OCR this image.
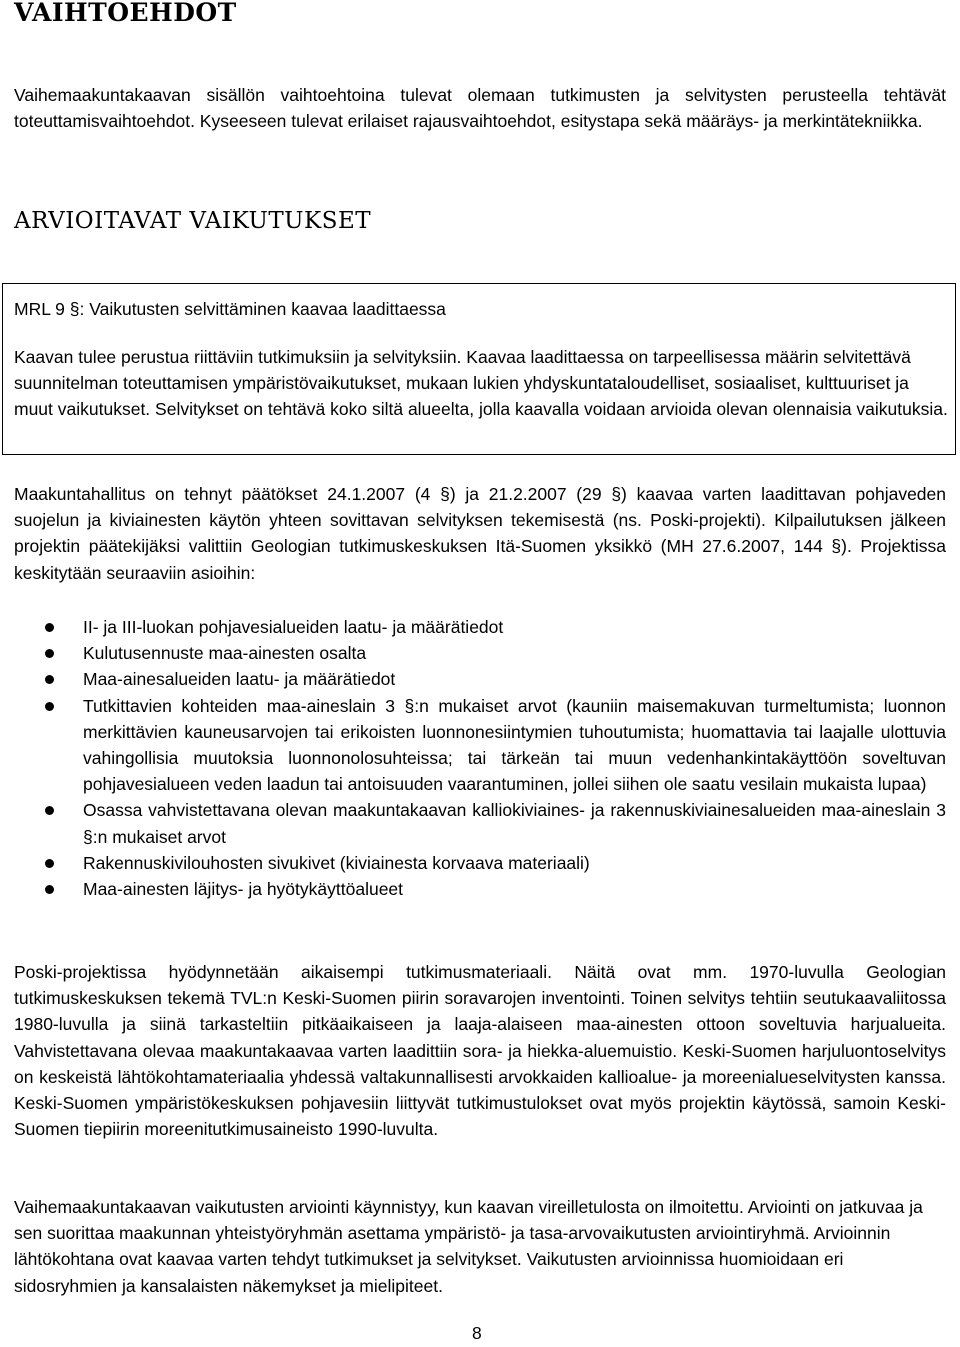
VAIHTOEHDOT

Vaihemaakuntakaavan sisällön vaihtoehtoina tulevat olemaan tutkimusten ja selvitysten perusteella tehtävät toteuttamisvaihtoehdot. Kyseeseen tulevat erilaiset rajausvaihtoehdot, esitystapa sekä määräys- ja merkintätekniikka.

ARVIOITAVAT VAIKUTUKSET

MRL 9 §: Vaikutusten selvittäminen kaavaa laadittaessa

Kaavan tulee perustua riittäviin tutkimuksiin ja selvityksiin. Kaavaa laadittaessa on tarpeellisessa määrin selvitettävä suunnitelman toteuttamisen ympäristövaikutukset, mukaan lukien yhdyskuntataloudelliset, sosiaaliset, kulttuuriset ja muut vaikutukset. Selvitykset on tehtävä koko siltä alueelta, jolla kaavalla voidaan arvioida olevan olennaisia vaikutuksia.

Maakuntahallitus on tehnyt päätökset 24.1.2007 (4 §) ja 21.2.2007 (29 §) kaavaa varten laadittavan pohjaveden suojelun ja kiviainesten käytön yhteen sovittavan selvityksen tekemisestä (ns. Poski-projekti). Kilpailutuksen jälkeen projektin päätekijäksi valittiin Geologian tutkimuskeskuksen Itä-Suomen yksikkö (MH 27.6.2007, 144 §). Projektissa keskitytään seuraaviin asioihin:

II- ja III-luokan pohjavesialueiden laatu- ja määrätiedot
Kulutusennuste maa-ainesten osalta
Maa-ainesalueiden laatu- ja määrätiedot
Tutkittavien kohteiden maa-aineslain 3 §:n mukaiset arvot (kauniin maisemakuvan turmeltumista; luonnon merkittävien kauneusarvojen tai erikoisten luonnonesiintymien tuhoutumista; huomattavia tai laajalle ulottuvia vahingollisia muutoksia luonnonolosuhteissa; tai tärkeän tai muun vedenhankintakäyttöön soveltuvan pohjavesialueen veden laadun tai antoisuuden vaarantuminen, jollei siihen ole saatu vesilain mukaista lupaa)
Osassa vahvistettavana olevan maakuntakaavan kalliokiviaines- ja rakennuskiviainesalueiden maa-aineslain 3 §:n mukaiset arvot
Rakennuskivilouhosten sivukivet (kiviainesta korvaava materiaali)
Maa-ainesten läjitys- ja hyötykäyttöalueet

Poski-projektissa hyödynnetään aikaisempi tutkimusmateriaali. Näitä ovat mm. 1970-luvulla Geologian tutkimuskeskuksen tekemä TVL:n Keski-Suomen piirin soravarojen inventointi. Toinen selvitys tehtiin seutukaavaliitossa 1980-luvulla ja siinä tarkasteltiin pitkäaikaiseen ja laaja-alaiseen maa-ainesten ottoon soveltuvia harjualueita. Vahvistettavana olevaa maakuntakaavaa varten laadittiin sora- ja hiekka-aluemuistio. Keski-Suomen harjuluontoselvitys on keskeistä lähtökohtamateriaalia yhdessä valtakunnallisesti arvokkaiden kallioalue- ja moreenialueselvitysten kanssa. Keski-Suomen ympäristökeskuksen pohjavesiin liittyvät tutkimustulokset ovat myös projektin käytössä, samoin Keski-Suomen tiepiirin moreenitutkimusaineisto 1990-luvulta.

Vaihemaakuntakaavan vaikutusten arviointi käynnistyy, kun kaavan vireilletulosta on ilmoitettu. Arviointi on jatkuvaa ja sen suorittaa maakunnan yhteistyöryhmän asettama ympäristö- ja tasa-arvovaikutusten arviointiryhmä. Arvioinnin lähtökohtana ovat kaavaa varten tehdyt tutkimukset ja selvitykset. Vaikutusten arvioinnissa huomioidaan eri sidosryhmien ja kansalaisten näkemykset ja mielipiteet.

8
